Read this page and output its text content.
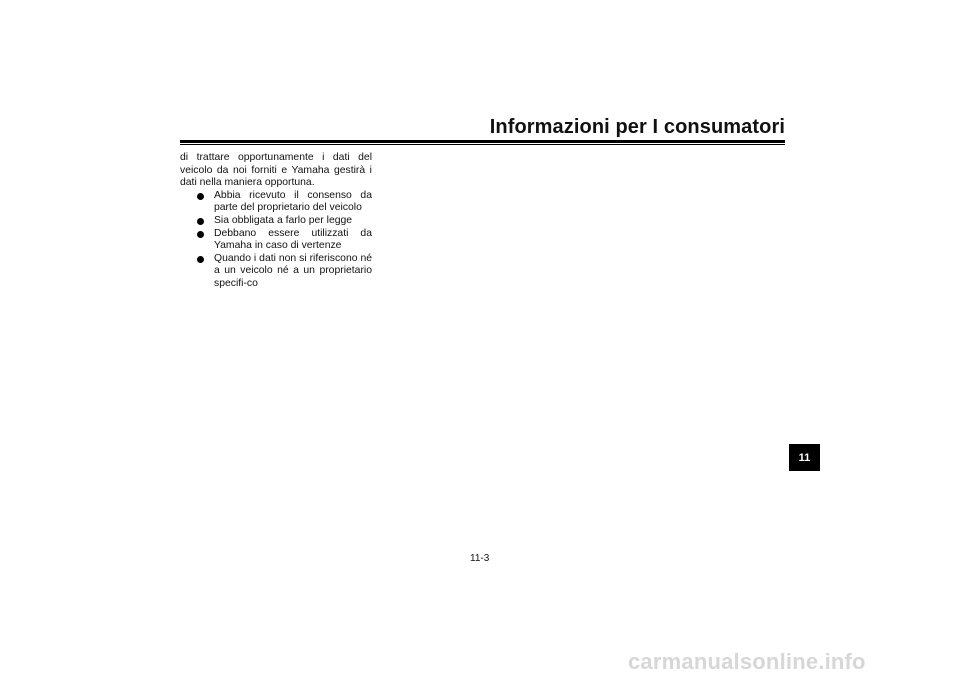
Informazioni per I consumatori

di trattare opportunamente i dati del veicolo da noi forniti e Yamaha gestirà i dati nella maniera opportuna.

Abbia ricevuto il consenso da parte del proprietario del veicolo
Sia obbligata a farlo per legge
Debbano essere utilizzati da Yamaha in caso di vertenze
Quando i dati non si riferiscono né a un veicolo né a un proprietario specifi-co
11
11-3
carmanualsonline.info
